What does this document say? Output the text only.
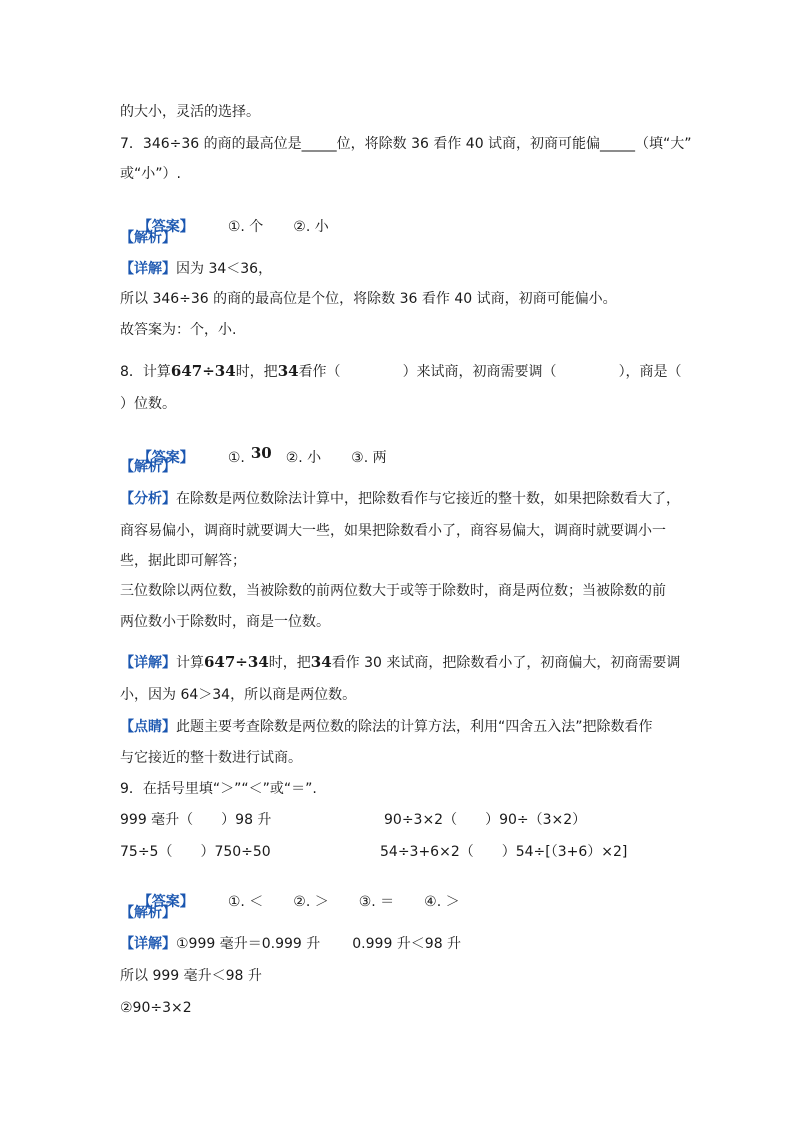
的大小，灵活的选择。
7．346÷36 的商的最高位是_____位，将除数 36 看作 40 试商，初商可能偏_____（填“大”
或“小”）.

【答案】 ①. 个 ②. 小

【解析】
【详解】因为 34＜36，
所以 346÷36 的商的最高位是个位，将除数 36 看作 40 试商，初商可能偏小。
故答案为：个，小.
8．计算647÷34时，把34看作（	）来试商，初商需要调（	），商是（
）位数。

【答案】 ①. 30 ②. 小 ③. 两

【解析】
【分析】在除数是两位数除法计算中，把除数看作与它接近的整十数，如果把除数看大了，
商容易偏小，调商时就要调大一些，如果把除数看小了，商容易偏大，调商时就要调小一
些，据此即可解答；
三位数除以两位数，当被除数的前两位数大于或等于除数时，商是两位数；当被除数的前
两位数小于除数时，商是一位数。
【详解】计算647÷34时，把34看作 30 来试商，把除数看小了，初商偏大，初商需要调
小，因为 64＞34，所以商是两位数。
【点睛】此题主要考查除数是两位数的除法的计算方法，利用“四舍五入法”把除数看作
与它接近的整十数进行试商。
9．在括号里填“＞”“＜”或“＝”.
999 毫升（　　）98 升	90÷3×2（　　）90÷（3×2）
75÷5（　　）750÷50	54÷3+6×2（　　）54÷[（3+6）×2]

【答案】 ①. ＜ ②. ＞ ③. ＝ ④. ＞

【解析】
【详解】①999 毫升＝0.999 升 0.999 升＜98 升
所以 999 毫升＜98 升
②90÷3×2
